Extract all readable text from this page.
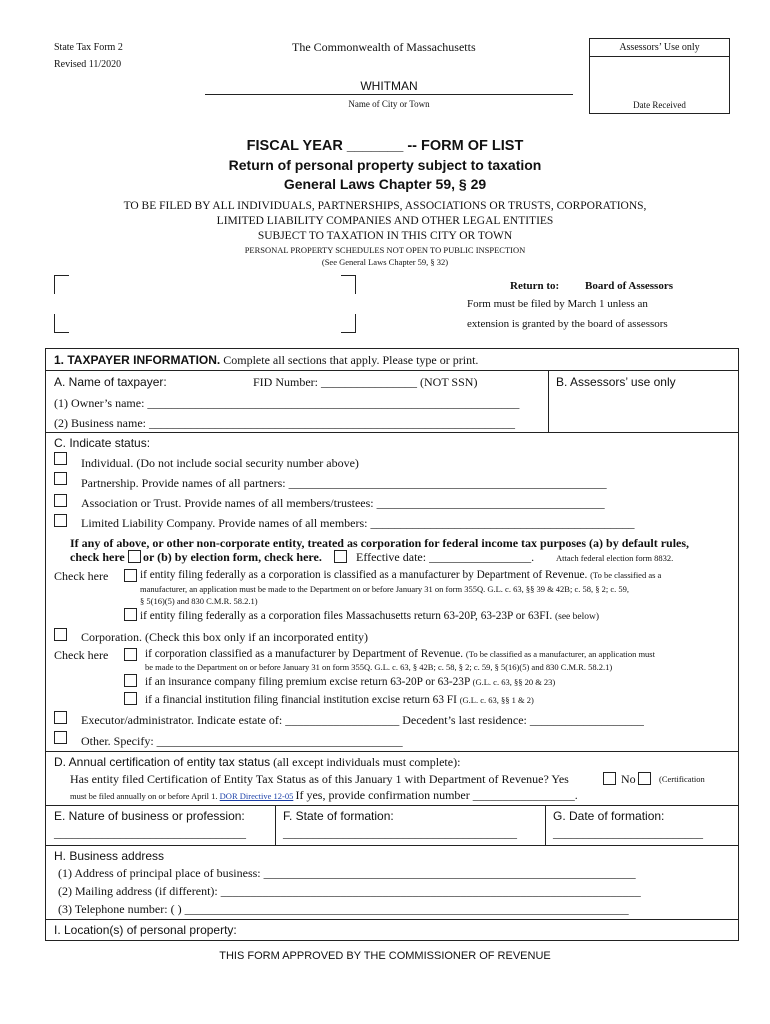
State Tax Form 2
Revised 11/2020
The Commonwealth of Massachusetts
WHITMAN
Name of City or Town
Assessors’ Use only
Date Received
FISCAL YEAR _______ -- FORM OF LIST
Return of personal property subject to taxation
General Laws Chapter 59, § 29
TO BE FILED BY ALL INDIVIDUALS, PARTNERSHIPS, ASSOCIATIONS OR TRUSTS, CORPORATIONS,
LIMITED LIABILITY COMPANIES AND OTHER LEGAL ENTITIES
SUBJECT TO TAXATION IN THIS CITY OR TOWN
PERSONAL PROPERTY SCHEDULES NOT OPEN TO PUBLIC INSPECTION
(See General Laws Chapter 59, § 32)
Return to: Board of Assessors
Form must be filed by March 1 unless an
extension is granted by the board of assessors
1. TAXPAYER INFORMATION. Complete all sections that apply. Please type or print.
A. Name of taxpayer:	FID Number: ________________ (NOT SSN)	B. Assessors’ use only
(1) Owner’s name: ______________________________________________________________
(2) Business name: _____________________________________________________________
C. Indicate status:
Individual. (Do not include social security number above)
Partnership. Provide names of all partners: _____________________________________________________
Association or Trust. Provide names of all members/trustees: ______________________________________
Limited Liability Company. Provide names of all members: ____________________________________________
If any of above, or other non-corporate entity, treated as corporation for federal income tax purposes (a) by default rules,
check here or (b) by election form, check here.	Effective date: _________________.	Attach federal election form 8832.
Check here	if entity filing federally as a corporation is classified as a manufacturer by Department of Revenue. (To be classified as a
manufacturer, an application must be made to the Department on or before January 31 on form 355Q. G.L. c. 63, §§ 39 & 42B; c. 58, § 2; c. 59,
§ 5(16)(5) and 830 C.M.R. 58.2.1)
if entity filing federally as a corporation files Massachusetts return 63-20P, 63-23P or 63FI. (see below)
Corporation. (Check this box only if an incorporated entity)
Check here	if corporation classified as a manufacturer by Department of Revenue. (To be classified as a manufacturer, an application must
be made to the Department on or before January 31 on form 355Q. G.L. c. 63, § 42B; c. 58, § 2; c. 59, § 5(16)(5) and 830 C.M.R. 58.2.1)
if an insurance company filing premium excise return 63-20P or 63-23P (G.L. c. 63, §§ 20 & 23)
if a financial institution filing financial institution excise return 63 FI (G.L. c. 63, §§ 1 & 2)
Executor/administrator. Indicate estate of: ___________________ Decedent’s last residence: ___________________
Other. Specify: _________________________________________
D. Annual certification of entity tax status (all except individuals must complete):
Has entity filed Certification of Entity Tax Status as of this January 1 with Department of Revenue? Yes	No	(Certification
must be filed annually on or before April 1. DOR Directive 12-05 If yes, provide confirmation number _________________.
E. Nature of business or profession:
________________________________
F. State of formation:
_______________________________________
G. Date of formation:
_________________________
H. Business address
(1) Address of principal place of business: ______________________________________________________________
(2) Mailing address (if different): ______________________________________________________________________
(3) Telephone number: ( ) __________________________________________________________________________
I. Location(s) of personal property:
THIS FORM APPROVED BY THE COMMISSIONER OF REVENUE
